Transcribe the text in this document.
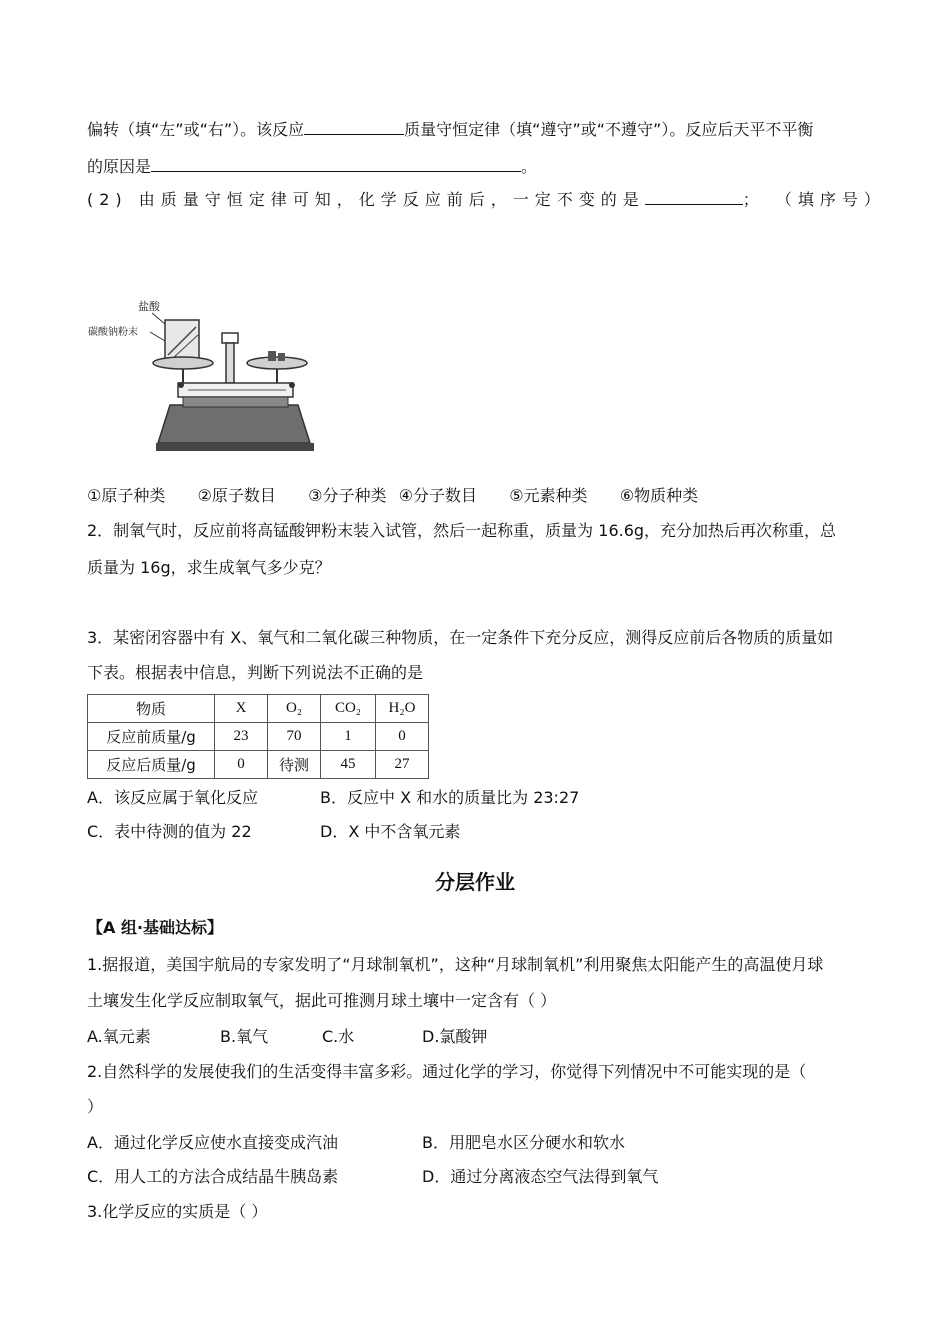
偏转（填“左”或“右”）。该反应	质量守恒定律（填“遵守”或“不遵守”）。反应后天平不平衡
的原因是	。
(2) 由质量守恒定律可知，化学反应前后，一定不变的是	； （填序号）
盐酸
碳酸钠粉末
①原子种类 ②原子数目 ③分子种类 ④分子数目 ⑤元素种类 ⑥物质种类
2．制氧气时，反应前将高锰酸钾粉末装入试管，然后一起称重，质量为 16.6g，充分加热后再次称重，总
质量为 16g，求生成氧气多少克？
3．某密闭容器中有 X、氧气和二氧化碳三种物质，在一定条件下充分反应，测得反应前后各物质的质量如
下表。根据表中信息，判断下列说法不正确的是
物质	X	O₂	CO₂	H₂O
反应前质量/g	23	70	1	0
反应后质量/g	0	待测	45	27
A．该反应属于氧化反应	B．反应中 X 和水的质量比为 23:27
C．表中待测的值为 22	D．X 中不含氧元素
分层作业
【A 组·基础达标】
1.据报道，美国宇航局的专家发明了“月球制氧机”，这种“月球制氧机”利用聚焦太阳能产生的高温使月球
土壤发生化学反应制取氧气，据此可推测月球土壤中一定含有（ ）
A.氧元素	B.氧气	C.水	D.氯酸钾
2.自然科学的发展使我们的生活变得丰富多彩。通过化学的学习，你觉得下列情况中不可能实现的是（
）
A．通过化学反应使水直接变成汽油	B．用肥皂水区分硬水和软水
C．用人工的方法合成结晶牛胰岛素	D．通过分离液态空气法得到氧气
3.化学反应的实质是（ ）
